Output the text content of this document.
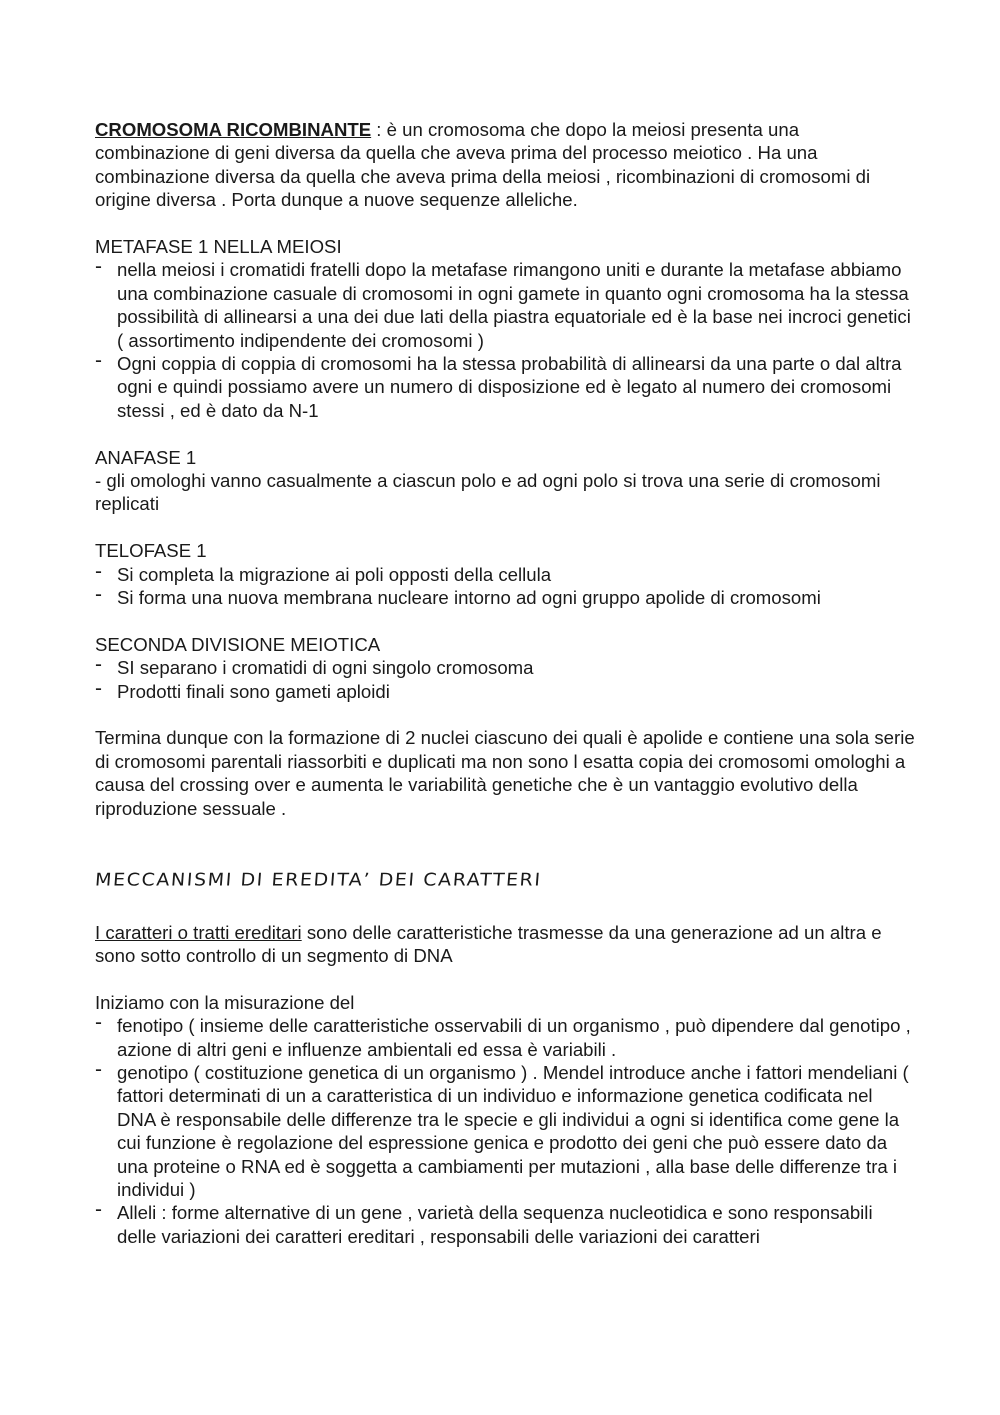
CROMOSOMA RICOMBINANTE : è un cromosoma che dopo la meiosi presenta una combinazione di geni diversa da quella che aveva prima del processo meiotico . Ha una combinazione diversa da quella che aveva prima della meiosi , ricombinazioni di cromosomi di origine diversa . Porta dunque a nuove sequenze alleliche.

METAFASE 1 NELLA MEIOSI

- nella meiosi i cromatidi fratelli dopo la metafase rimangono uniti e durante la metafase abbiamo una combinazione casuale di cromosomi in ogni gamete in quanto ogni cromosoma ha la stessa possibilità di allinearsi a una dei due lati della piastra equatoriale ed è la base nei incroci genetici ( assortimento indipendente dei cromosomi )
- Ogni coppia di coppia di cromosomi ha la stessa probabilità di allinearsi da una parte o dal altra ogni e quindi possiamo avere un numero di disposizione ed è legato al numero dei cromosomi stessi , ed è dato da N-1

ANAFASE 1

- gli omologhi vanno casualmente a ciascun polo e ad ogni polo si trova una serie di cromosomi replicati

TELOFASE 1

- Si completa la migrazione ai poli opposti della cellula
- Si forma una nuova membrana nucleare intorno ad ogni gruppo apolide di cromosomi

SECONDA DIVISIONE MEIOTICA

- SI separano i cromatidi di ogni singolo cromosoma
- Prodotti finali sono gameti aploidi

Termina dunque con la formazione di 2 nuclei ciascuno dei quali è apolide e contiene una sola serie di cromosomi parentali riassorbiti e duplicati ma non sono l esatta copia dei cromosomi omologhi a causa del crossing over e aumenta le variabilità genetiche che è un vantaggio evolutivo della riproduzione sessuale .

MECCANISMI DI EREDITA’ DEI CARATTERI

I caratteri o tratti ereditari sono delle caratteristiche trasmesse da una generazione ad un altra e sono sotto controllo di un segmento di DNA

Iniziamo con la misurazione del

- fenotipo ( insieme delle caratteristiche osservabili di un organismo , può dipendere dal genotipo , azione di altri geni e influenze ambientali ed essa è variabili .
- genotipo ( costituzione genetica di un organismo ) . Mendel introduce anche i fattori mendeliani ( fattori determinati di un a caratteristica di un individuo e informazione genetica codificata nel DNA è responsabile delle differenze tra le specie e gli individui a ogni si identifica come gene la cui funzione è regolazione del espressione genica e prodotto dei geni che può essere dato da una proteine o RNA ed è soggetta a cambiamenti per mutazioni , alla base delle differenze tra i individui )
- Alleli : forme alternative di un gene , varietà della sequenza nucleotidica e sono responsabili delle variazioni dei caratteri ereditari , responsabili delle variazioni dei caratteri
